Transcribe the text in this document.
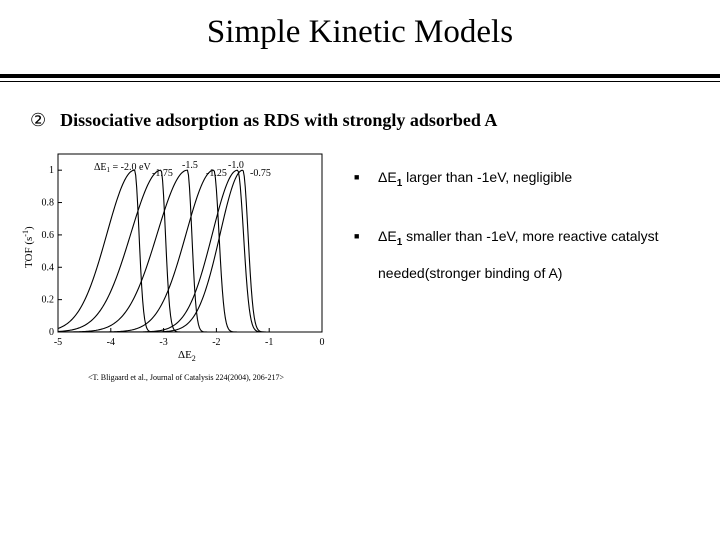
Simple Kinetic Models
② Dissociative adsorption as RDS with strongly adsorbed A
-5	-4	-3	-2	-1	0
0
0.2
0.4
0.6
0.8
1	$\Delta E_1 = -2.0$ eV
-1.75
-1.5
-1.25
-1.0
-0.75
$\Delta E_2$
TOF $(s^{-1})$
<T. Bligaard et al., Journal of Catalysis 224(2004), 206-217>
■ $\Delta E_1$ larger than -1eV, negligible
■ $\Delta E_1$ smaller than -1eV, more reactive catalyst
needed(stronger binding of A)
